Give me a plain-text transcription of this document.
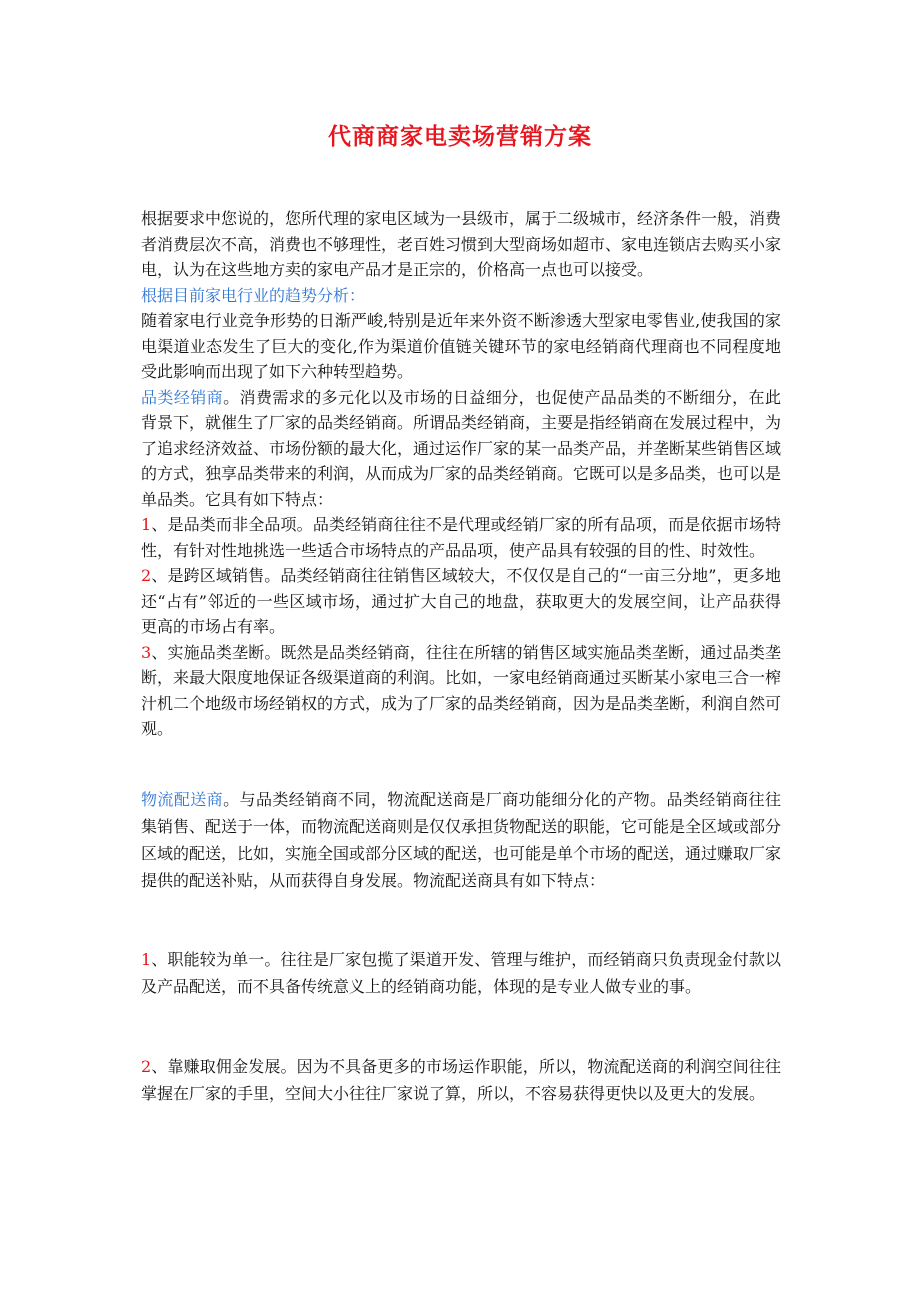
代商商家电卖场营销方案

根据要求中您说的，您所代理的家电区域为一县级市，属于二级城市，经济条件一般，消费者消费层次不高，消费也不够理性，老百姓习惯到大型商场如超市、家电连锁店去购买小家电，认为在这些地方卖的家电产品才是正宗的，价格高一点也可以接受。

根据目前家电行业的趋势分析：

随着家电行业竞争形势的日渐严峻,特别是近年来外资不断渗透大型家电零售业,使我国的家电渠道业态发生了巨大的变化,作为渠道价值链关键环节的家电经销商代理商也不同程度地受此影响而出现了如下六种转型趋势。

品类经销商。消费需求的多元化以及市场的日益细分，也促使产品品类的不断细分，在此背景下，就催生了厂家的品类经销商。所谓品类经销商，主要是指经销商在发展过程中，为了追求经济效益、市场份额的最大化，通过运作厂家的某一品类产品，并垄断某些销售区域的方式，独享品类带来的利润，从而成为厂家的品类经销商。它既可以是多品类，也可以是单品类。它具有如下特点：

1、是品类而非全品项。品类经销商往往不是代理或经销厂家的所有品项，而是依据市场特性，有针对性地挑选一些适合市场特点的产品品项，使产品具有较强的目的性、时效性。

2、是跨区域销售。品类经销商往往销售区域较大，不仅仅是自己的“一亩三分地”，更多地还“占有”邻近的一些区域市场，通过扩大自己的地盘，获取更大的发展空间，让产品获得更高的市场占有率。

3、实施品类垄断。既然是品类经销商，往往在所辖的销售区域实施品类垄断，通过品类垄断，来最大限度地保证各级渠道商的利润。比如，一家电经销商通过买断某小家电三合一榨汁机二个地级市场经销权的方式，成为了厂家的品类经销商，因为是品类垄断，利润自然可观。

物流配送商。与品类经销商不同，物流配送商是厂商功能细分化的产物。品类经销商往往集销售、配送于一体，而物流配送商则是仅仅承担货物配送的职能，它可能是全区域或部分区域的配送，比如，实施全国或部分区域的配送，也可能是单个市场的配送，通过赚取厂家提供的配送补贴，从而获得自身发展。物流配送商具有如下特点：

1、职能较为单一。往往是厂家包揽了渠道开发、管理与维护，而经销商只负责现金付款以及产品配送，而不具备传统意义上的经销商功能，体现的是专业人做专业的事。

2、靠赚取佣金发展。因为不具备更多的市场运作职能，所以，物流配送商的利润空间往往掌握在厂家的手里，空间大小往往厂家说了算，所以，不容易获得更快以及更大的发展。
